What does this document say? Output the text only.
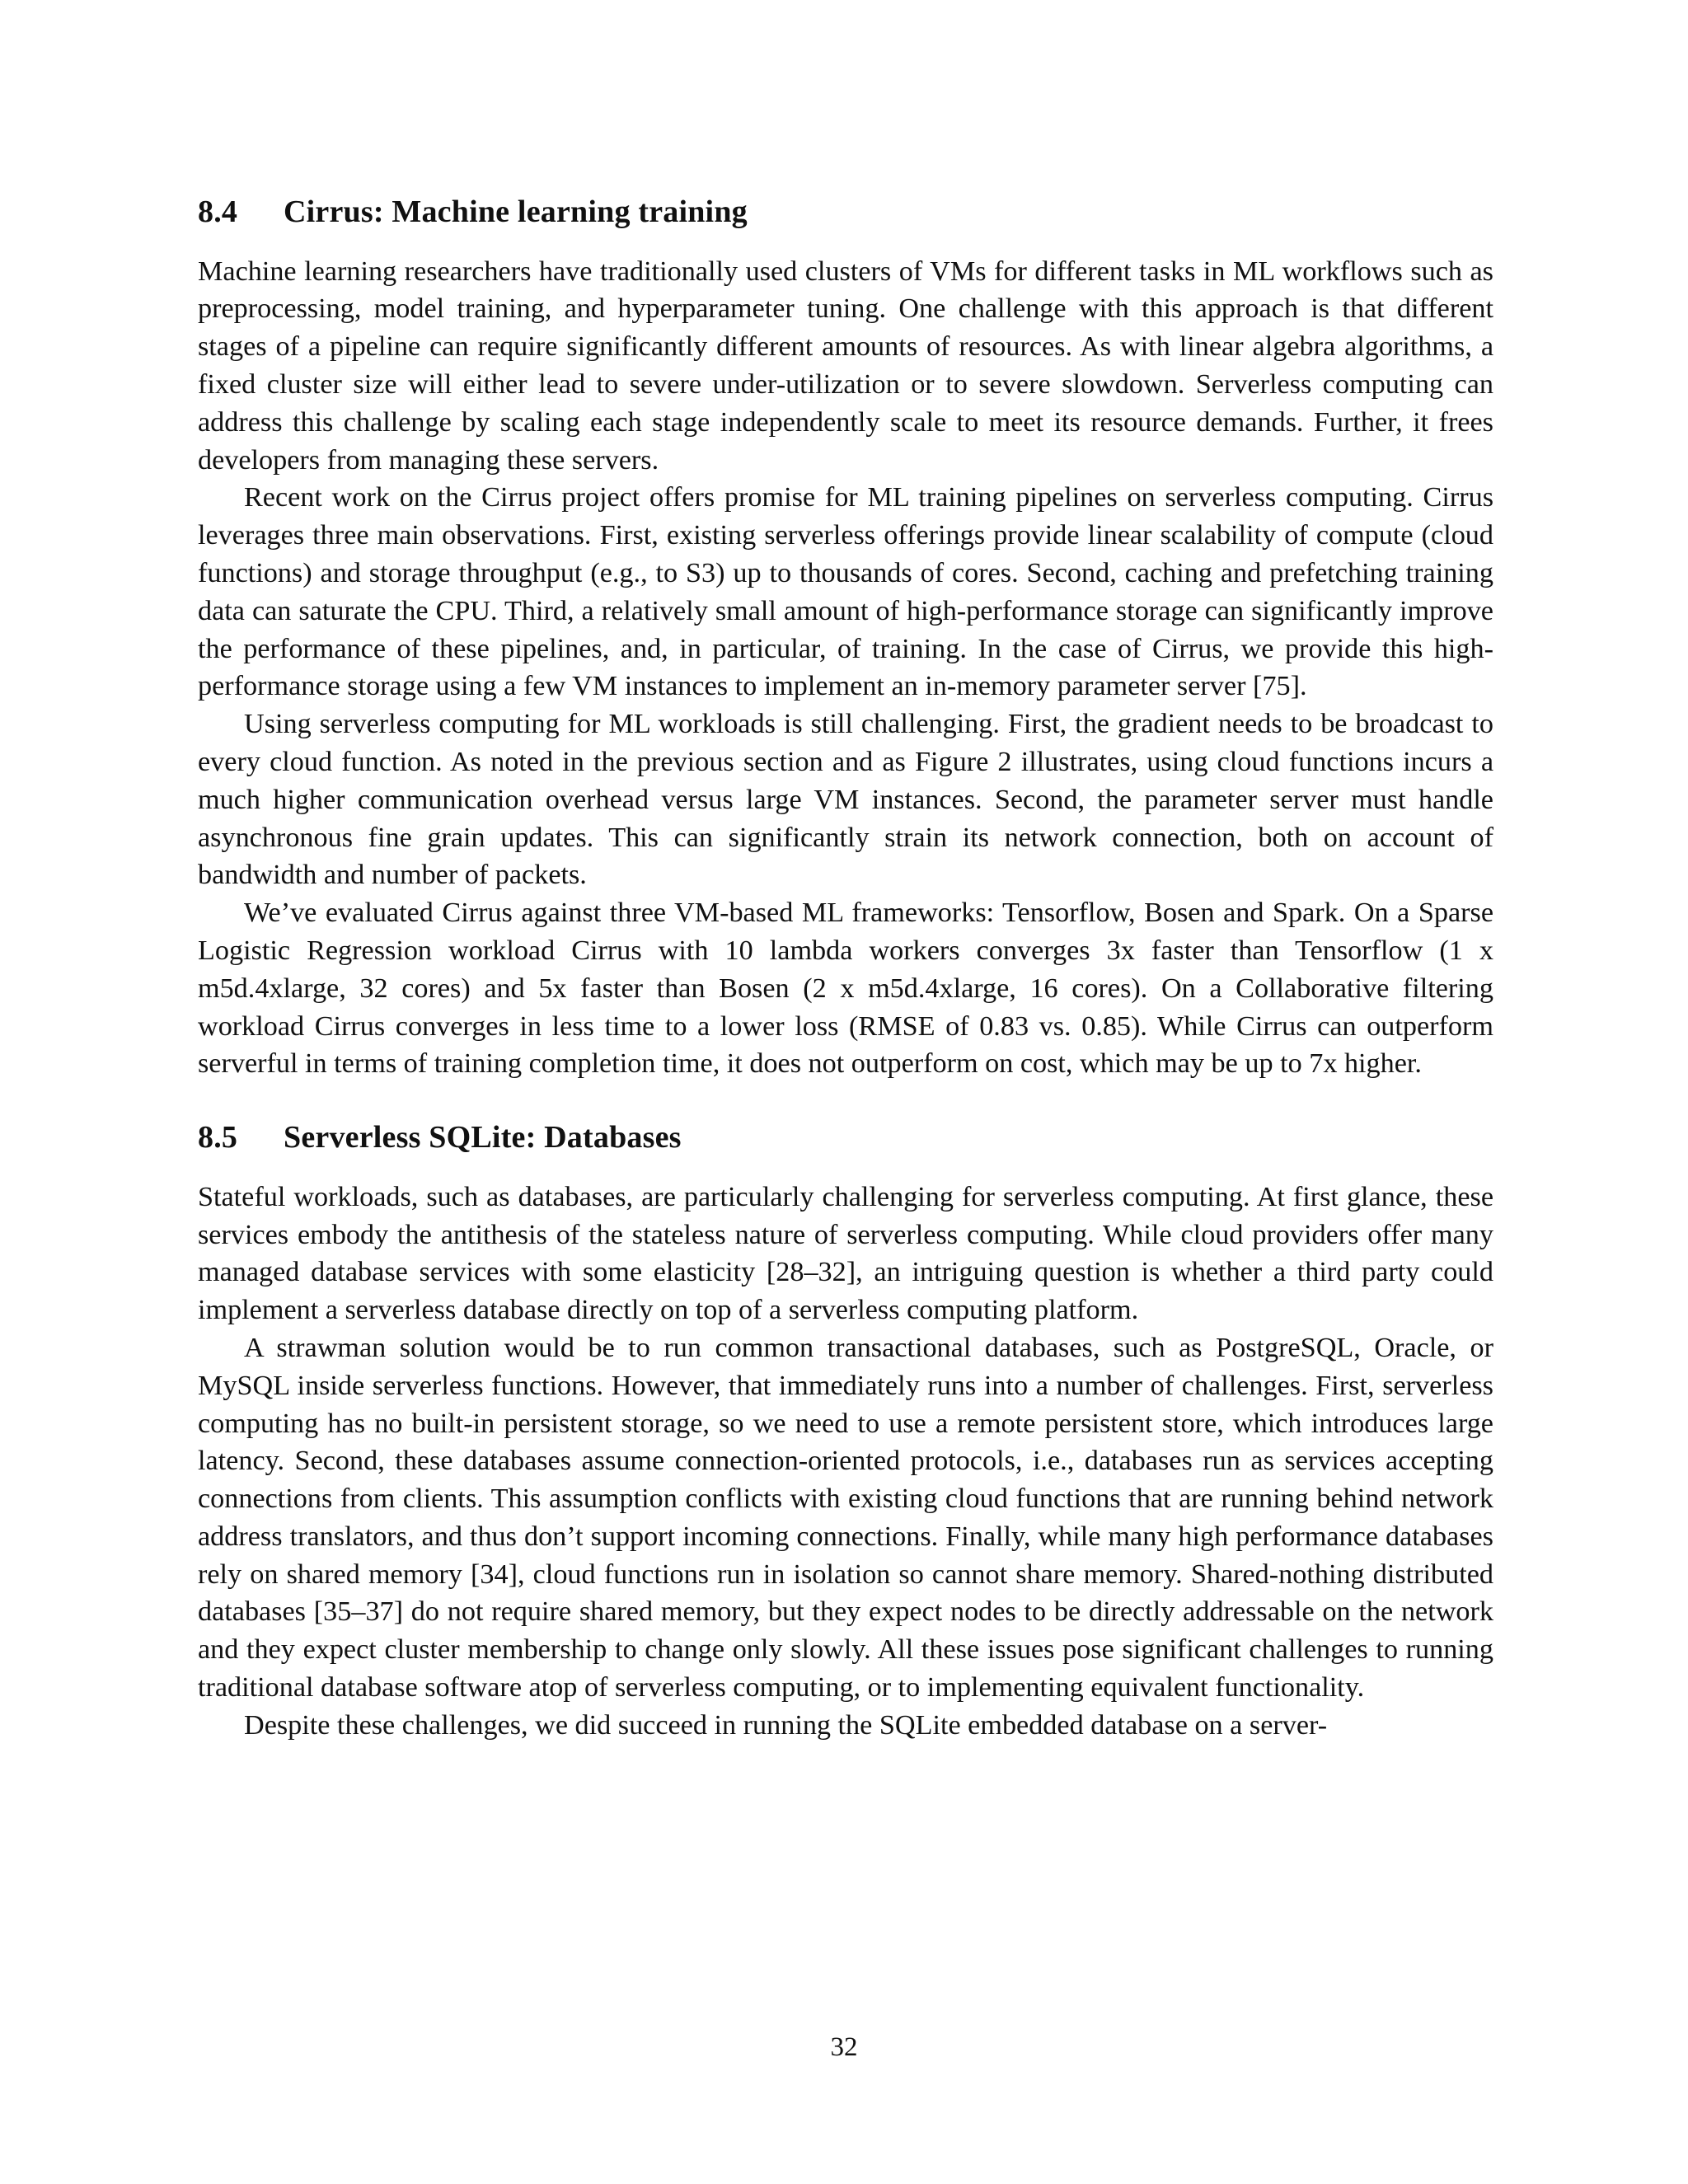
8.4 Cirrus: Machine learning training

Machine learning researchers have traditionally used clusters of VMs for different tasks in ML workflows such as preprocessing, model training, and hyperparameter tuning. One challenge with this approach is that different stages of a pipeline can require significantly different amounts of resources. As with linear algebra algorithms, a fixed cluster size will either lead to severe under-utilization or to severe slowdown. Serverless computing can address this challenge by scaling each stage independently scale to meet its resource demands. Further, it frees developers from managing these servers.

Recent work on the Cirrus project offers promise for ML training pipelines on serverless computing. Cirrus leverages three main observations. First, existing serverless offerings provide linear scalability of compute (cloud functions) and storage throughput (e.g., to S3) up to thousands of cores. Second, caching and prefetching training data can saturate the CPU. Third, a relatively small amount of high-performance storage can significantly improve the performance of these pipelines, and, in particular, of training. In the case of Cirrus, we provide this high-performance storage using a few VM instances to implement an in-memory parameter server [75].

Using serverless computing for ML workloads is still challenging. First, the gradient needs to be broadcast to every cloud function. As noted in the previous section and as Figure 2 illustrates, using cloud functions incurs a much higher communication overhead versus large VM instances. Second, the parameter server must handle asynchronous fine grain updates. This can significantly strain its network connection, both on account of bandwidth and number of packets.

We’ve evaluated Cirrus against three VM-based ML frameworks: Tensorflow, Bosen and Spark. On a Sparse Logistic Regression workload Cirrus with 10 lambda workers converges 3x faster than Tensorflow (1 x m5d.4xlarge, 32 cores) and 5x faster than Bosen (2 x m5d.4xlarge, 16 cores). On a Collaborative filtering workload Cirrus converges in less time to a lower loss (RMSE of 0.83 vs. 0.85). While Cirrus can outperform serverful in terms of training completion time, it does not outperform on cost, which may be up to 7x higher.

8.5 Serverless SQLite: Databases

Stateful workloads, such as databases, are particularly challenging for serverless computing. At first glance, these services embody the antithesis of the stateless nature of serverless computing. While cloud providers offer many managed database services with some elasticity [28–32], an intriguing question is whether a third party could implement a serverless database directly on top of a serverless computing platform.

A strawman solution would be to run common transactional databases, such as PostgreSQL, Oracle, or MySQL inside serverless functions. However, that immediately runs into a number of challenges. First, serverless computing has no built-in persistent storage, so we need to use a remote persistent store, which introduces large latency. Second, these databases assume connection-oriented protocols, i.e., databases run as services accepting connections from clients. This assumption conflicts with existing cloud functions that are running behind network address translators, and thus don’t support incoming connections. Finally, while many high performance databases rely on shared memory [34], cloud functions run in isolation so cannot share memory. Shared-nothing distributed databases [35–37] do not require shared memory, but they expect nodes to be directly addressable on the network and they expect cluster membership to change only slowly. All these issues pose significant challenges to running traditional database software atop of serverless computing, or to implementing equivalent functionality.

Despite these challenges, we did succeed in running the SQLite embedded database on a server-

32
